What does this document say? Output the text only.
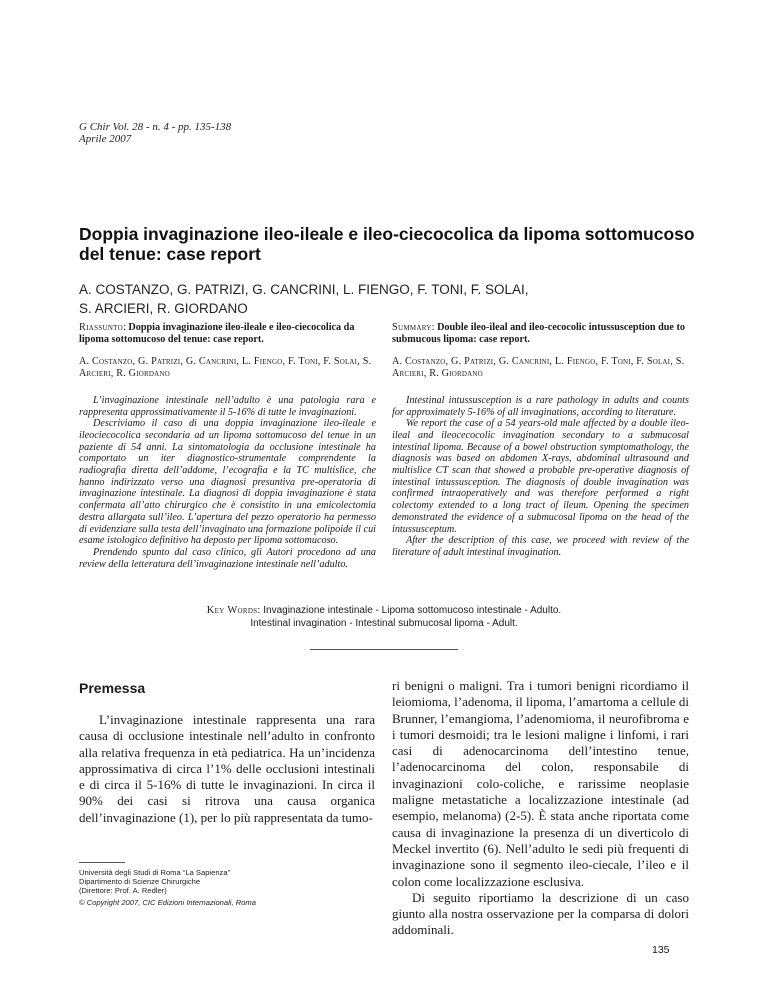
G Chir Vol. 28 - n. 4 - pp. 135-138
Aprile 2007
Doppia invaginazione ileo-ileale e ileo-ciecocolica da lipoma sottomucoso del tenue: case report
A. COSTANZO, G. PATRIZI, G. CANCRINI, L. FIENGO, F. TONI, F. SOLAI,
S. ARCIERI, R. GIORDANO
Riassunto: Doppia invaginazione ileo-ileale e ileo-ciecocolica da lipoma sottomucoso del tenue: case report.
A. Costanzo, G. Patrizi, G. Cancrini, L. Fiengo, F. Toni, F. Solai, S. Arcieri, R. Giordano

L’invaginazione intestinale nell’adulto è una patologia rara e rappresenta approssimativamente il 5-16% di tutte le invaginazioni.

Descriviamo il caso di una doppia invaginazione ileo-ileale e ileociecocolica secondaria ad un lipoma sottomucoso del tenue in un paziente di 54 anni. La sintomatologia da occlusione intestinale ha comportato un iter diagnostico-strumentale comprendente la radiografia diretta dell’addome, l’ecografia e la TC multislice, che hanno indirizzato verso una diagnosi presuntiva pre-operatoria di invaginazione intestinale. La diagnosi di doppia invaginazione è stata confermata all’atto chirurgico che è consistito in una emicolectomia destra allargata sull’ileo. L’apertura del pezzo operatorio ha permesso di evidenziare sulla testa dell’invaginato una formazione polipoide il cui esame istologico definitivo ha deposto per lipoma sottomucoso.

Prendendo spunto dal caso clinico, gli Autori procedono ad una review della letteratura dell’invaginazione intestinale nell’adulto.

Summary: Double ileo-ileal and ileo-cecocolic intussusception due to submucous lipoma: case report.
A. Costanzo, G. Patrizi, G. Cancrini, L. Fiengo, F. Toni, F. Solai, S. Arcieri, R. Giordano

Intestinal intussusception is a rare pathology in adults and counts for approximately 5-16% of all invaginations, according to literature.

We report the case of a 54 years-old male affected by a double ileo-ileal and ileocecocolic invagination secondary to a submucosal intestinal lipoma. Because of a bowel obstruction symptomathology, the diagnosis was based on abdomen X-rays, abdominal ultrasound and multislice CT scan that showed a probable pre-operative diagnosis of intestinal intussusception. The diagnosis of double invagination was confirmed intraoperatively and was therefore performed a right colectomy extended to a long tract of ileum. Opening the specimen demonstrated the evidence of a submucosal lipoma on the head of the intussusceptum.

After the description of this case, we proceed with review of the literature of adult intestinal invagination.

Key Words: Invaginazione intestinale - Lipoma sottomucoso intestinale - Adulto.
Intestinal invagination - Intestinal submucosal lipoma - Adult.
Premessa

L’invaginazione intestinale rappresenta una rara causa di occlusione intestinale nell’adulto in confronto alla relativa frequenza in età pediatrica. Ha un’incidenza approssimativa di circa l’1% delle occlusioni intestinali e di circa il 5-16% di tutte le invaginazioni. In circa il 90% dei casi si ritrova una causa organica dell’invaginazione (1), per lo più rappresentata da tumo-

ri benigni o maligni. Tra i tumori benigni ricordiamo il leiomioma, l’adenoma, il lipoma, l’amartoma a cellule di Brunner, l’emangioma, l’adenomioma, il neurofibroma e i tumori desmoidi; tra le lesioni maligne i linfomi, i rari casi di adenocarcinoma dell’intestino tenue, l’adenocarcinoma del colon, responsabile di invaginazioni colo-coliche, e rarissime neoplasie maligne metastatiche a localizzazione intestinale (ad esempio, melanoma) (2-5). È stata anche riportata come causa di invaginazione la presenza di un diverticolo di Meckel invertito (6). Nell’adulto le sedi più frequenti di invaginazione sono il segmento ileo-ciecale, l’ileo e il colon come localizzazione esclusiva.

Di seguito riportiamo la descrizione di un caso giunto alla nostra osservazione per la comparsa di dolori addominali.

Università degli Studi di Roma “La Sapienza”
Dipartimento di Scienze Chirurgiche
(Direttore: Prof. A. Redler)
© Copyright 2007, CIC Edizioni Internazionali, Roma
135
